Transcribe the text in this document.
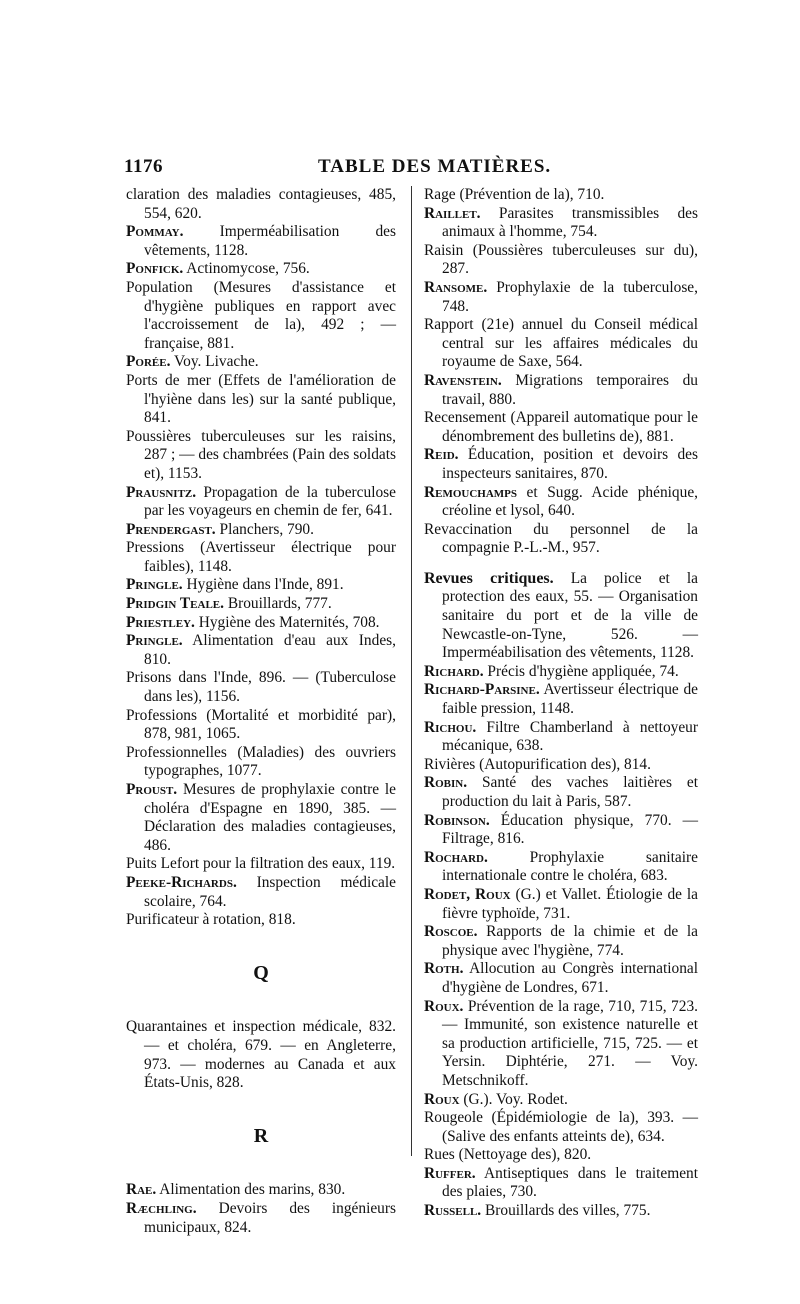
1176	TABLE DES MATIÈRES.
claration des maladies contagieuses, 485, 554, 620.
Pommay. Imperméabilisation des vêtements, 1128.
Ponfick. Actinomycose, 756.
Population (Mesures d'assistance et d'hygiène publiques en rapport avec l'accroissement de la), 492 ; — française, 881.
Porée. Voy. Livache.
Ports de mer (Effets de l'amélioration de l'hyiène dans les) sur la santé publique, 841.
Poussières tuberculeuses sur les raisins, 287 ; — des chambrées (Pain des soldats et), 1153.
Prausnitz. Propagation de la tuberculose par les voyageurs en chemin de fer, 641.
Prendergast. Planchers, 790.
Pressions (Avertisseur électrique pour faibles), 1148.
Pringle. Hygiène dans l'Inde, 891.
Pridgin Teale. Brouillards, 777.
Priestley. Hygiène des Maternités, 708.
Pringle. Alimentation d'eau aux Indes, 810.
Prisons dans l'Inde, 896. — (Tuberculose dans les), 1156.
Professions (Mortalité et morbidité par), 878, 981, 1065.
Professionnelles (Maladies) des ouvriers typographes, 1077.
Proust. Mesures de prophylaxie contre le choléra d'Espagne en 1890, 385. — Déclaration des maladies contagieuses, 486.
Puits Lefort pour la filtration des eaux, 119.
Peeke-Richards. Inspection médicale scolaire, 764.
Purificateur à rotation, 818.
Q
Quarantaines et inspection médicale, 832. — et choléra, 679. — en Angleterre, 973. — modernes au Canada et aux États-Unis, 828.
R
Rae. Alimentation des marins, 830.
Ræchling. Devoirs des ingénieurs municipaux, 824.
Rage (Prévention de la), 710.
Raillet. Parasites transmissibles des animaux à l'homme, 754.
Raisin (Poussières tuberculeuses sur du), 287.
Ransome. Prophylaxie de la tuberculose, 748.
Rapport (21e) annuel du Conseil médical central sur les affaires médicales du royaume de Saxe, 564.
Ravenstein. Migrations temporaires du travail, 880.
Recensement (Appareil automatique pour le dénombrement des bulletins de), 881.
Reid. Éducation, position et devoirs des inspecteurs sanitaires, 870.
Remouchamps et Sugg. Acide phénique, créoline et lysol, 640.
Revaccination du personnel de la compagnie P.-L.-M., 957.
Revues critiques. La police et la protection des eaux, 55. — Organisation sanitaire du port et de la ville de Newcastle-on-Tyne, 526. — Imperméabilisation des vêtements, 1128.
Richard. Précis d'hygiène appliquée, 74.
Richard-Parsine. Avertisseur électrique de faible pression, 1148.
Richou. Filtre Chamberland à nettoyeur mécanique, 638.
Rivières (Autopurification des), 814.
Robin. Santé des vaches laitières et production du lait à Paris, 587.
Robinson. Éducation physique, 770. — Filtrage, 816.
Rochard. Prophylaxie sanitaire internationale contre le choléra, 683.
Rodet, Roux (G.) et Vallet. Étiologie de la fièvre typhoïde, 731.
Roscoe. Rapports de la chimie et de la physique avec l'hygiène, 774.
Roth. Allocution au Congrès international d'hygiène de Londres, 671.
Roux. Prévention de la rage, 710, 715, 723. — Immunité, son existence naturelle et sa production artificielle, 715, 725. — et Yersin. Diphtérie, 271. — Voy. Metschnikoff.
Roux (G.). Voy. Rodet.
Rougeole (Épidémiologie de la), 393. — (Salive des enfants atteints de), 634.
Rues (Nettoyage des), 820.
Ruffer. Antiseptiques dans le traitement des plaies, 730.
Russell. Brouillards des villes, 775.
